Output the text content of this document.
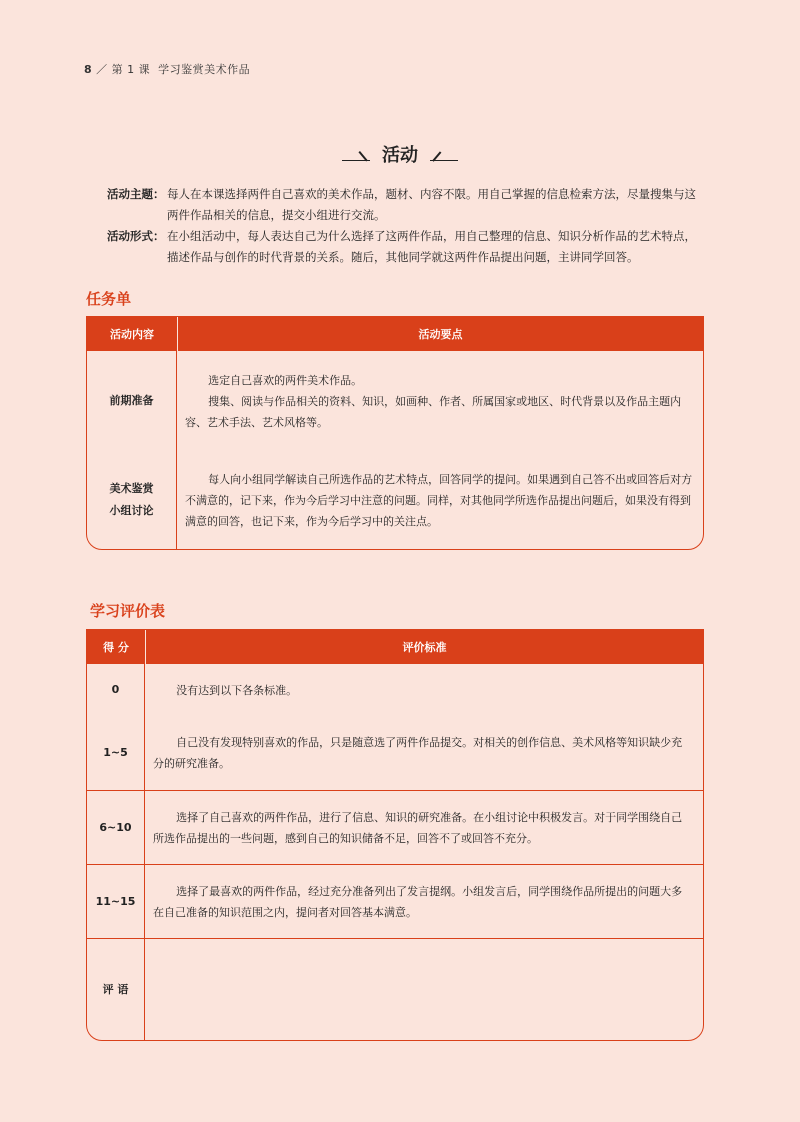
8 ／ 第 1 课 学习鉴赏美术作品
活动
活动主题： 每人在本课选择两件自己喜欢的美术作品，题材、内容不限。用自己掌握的信息检索方法，尽量搜集与这两件作品相关的信息，提交小组进行交流。
活动形式： 在小组活动中，每人表达自己为什么选择了这两件作品，用自己整理的信息、知识分析作品的艺术特点，描述作品与创作的时代背景的关系。随后，其他同学就这两件作品提出问题，主讲同学回答。
任务单
活动内容	活动要点

前期准备	选定自己喜欢的两件美术作品。
搜集、阅读与作品相关的资料、知识，如画种、作者、所属国家或地区、时代背景以及作品主题内容、艺术手法、艺术风格等。

美术鉴赏
小组讨论	每人向小组同学解读自己所选作品的艺术特点，回答同学的提问。如果遇到自己答不出或回答后对方不满意的，记下来，作为今后学习中注意的问题。同样，对其他同学所选作品提出问题后，如果没有得到满意的回答，也记下来，作为今后学习中的关注点。
学习评价表
得 分	评价标准
0	没有达到以下各条标准。

1~5	自己没有发现特别喜欢的作品，只是随意选了两件作品提交。对相关的创作信息、美术风格等知识缺少充分的研究准备。

6~10	选择了自己喜欢的两件作品，进行了信息、知识的研究准备。在小组讨论中积极发言。对于同学围绕自己所选作品提出的一些问题，感到自己的知识储备不足，回答不了或回答不充分。

11~15	选择了最喜欢的两件作品，经过充分准备列出了发言提纲。小组发言后，同学围绕作品所提出的问题大多在自己准备的知识范围之内，提问者对回答基本满意。

评 语	
